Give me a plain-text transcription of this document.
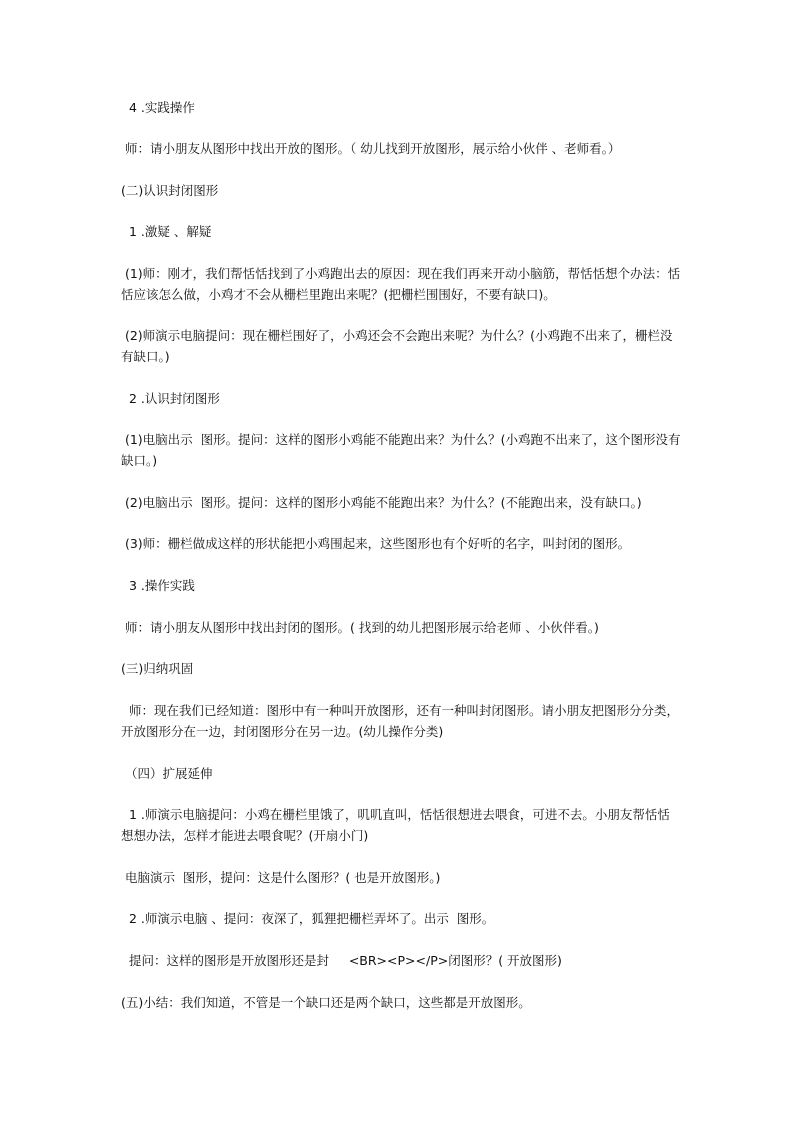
4 .实践操作

师：请小朋友从图形中找出开放的图形。（ 幼儿找到开放图形，展示给小伙伴 、老师看。）

(二)认识封闭图形

1 .激疑 、解疑

(1)师：刚才，我们帮恬恬找到了小鸡跑出去的原因：现在我们再来开动小脑筋，帮恬恬想个办法：恬恬应该怎么做，小鸡才不会从栅栏里跑出来呢？(把栅栏围围好，不要有缺口)。

(2)师演示电脑提问：现在栅栏围好了，小鸡还会不会跑出来呢？为什么？(小鸡跑不出来了，栅栏没有缺口。)

2 .认识封闭图形

(1)电脑出示  图形。提问：这样的图形小鸡能不能跑出来？为什么？(小鸡跑不出来了，这个图形没有缺口。)

(2)电脑出示  图形。提问：这样的图形小鸡能不能跑出来？为什么？(不能跑出来，没有缺口。)

(3)师：栅栏做成这样的形状能把小鸡围起来，这些图形也有个好听的名字，叫封闭的图形。

3 .操作实践

师：请小朋友从图形中找出封闭的图形。( 找到的幼儿把图形展示给老师 、小伙伴看。)

(三)归纳巩固

师：现在我们已经知道：图形中有一种叫开放图形，还有一种叫封闭图形。请小朋友把图形分分类，开放图形分在一边，封闭图形分在另一边。(幼儿操作分类)

（四）扩展延伸

1 .师演示电脑提问：小鸡在栅栏里饿了，叽叽直叫，恬恬很想进去喂食，可进不去。小朋友帮恬恬想想办法，怎样才能进去喂食呢？(开扇小门)

电脑演示  图形，提问：这是什么图形？( 也是开放图形。)

2 .师演示电脑 、提问：夜深了，狐狸把栅栏弄坏了。出示  图形。

提问：这样的图形是开放图形还是封     <BR><P></P>闭图形？( 开放图形)

(五)小结：我们知道，不管是一个缺口还是两个缺口，这些都是开放图形。
